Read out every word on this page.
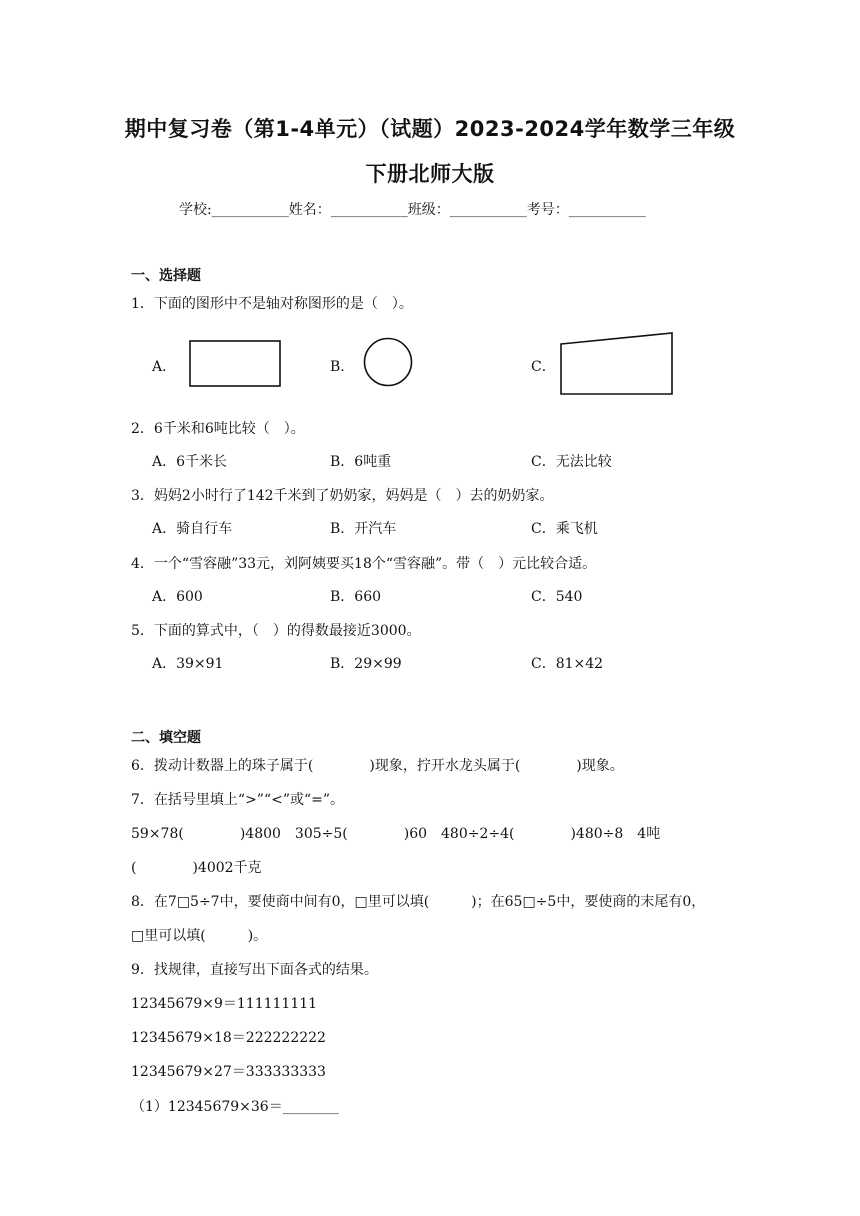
期中复习卷（第1-4单元）（试题）2023-2024学年数学三年级
下册北师大版
学校:___________姓名：___________班级：___________考号：___________
一、选择题
1．下面的图形中不是轴对称图形的是（　）。
A．	B．	C．
2．6千米和6吨比较（　）。
A．6千米长	B．6吨重	C．无法比较
3．妈妈2小时行了142千米到了奶奶家，妈妈是（　）去的奶奶家。
A．骑自行车	B．开汽车	C．乘飞机
4．一个“雪容融”33元，刘阿姨要买18个“雪容融”。带（　）元比较合适。
A．600	B．660	C．540
5．下面的算式中，（　）的得数最接近3000。
A．39×91	B．29×99	C．81×42
二、填空题
6．拨动计数器上的珠子属于(　　　　)现象，拧开水龙头属于(　　　　)现象。
7．在括号里填上“>”“<”或“=”。
59×78(　　　　)4800　305÷5(　　　　)60　480÷2÷4(　　　　)480÷8　4吨
(　　　　)4002千克
8．在7□5÷7中，要使商中间有0，□里可以填(　　　)；在65□÷5中，要使商的末尾有0，
□里可以填(　　　)。
9．找规律，直接写出下面各式的结果。
12345679×9＝111111111
12345679×18＝222222222
12345679×27＝333333333
（1）12345679×36＝________
